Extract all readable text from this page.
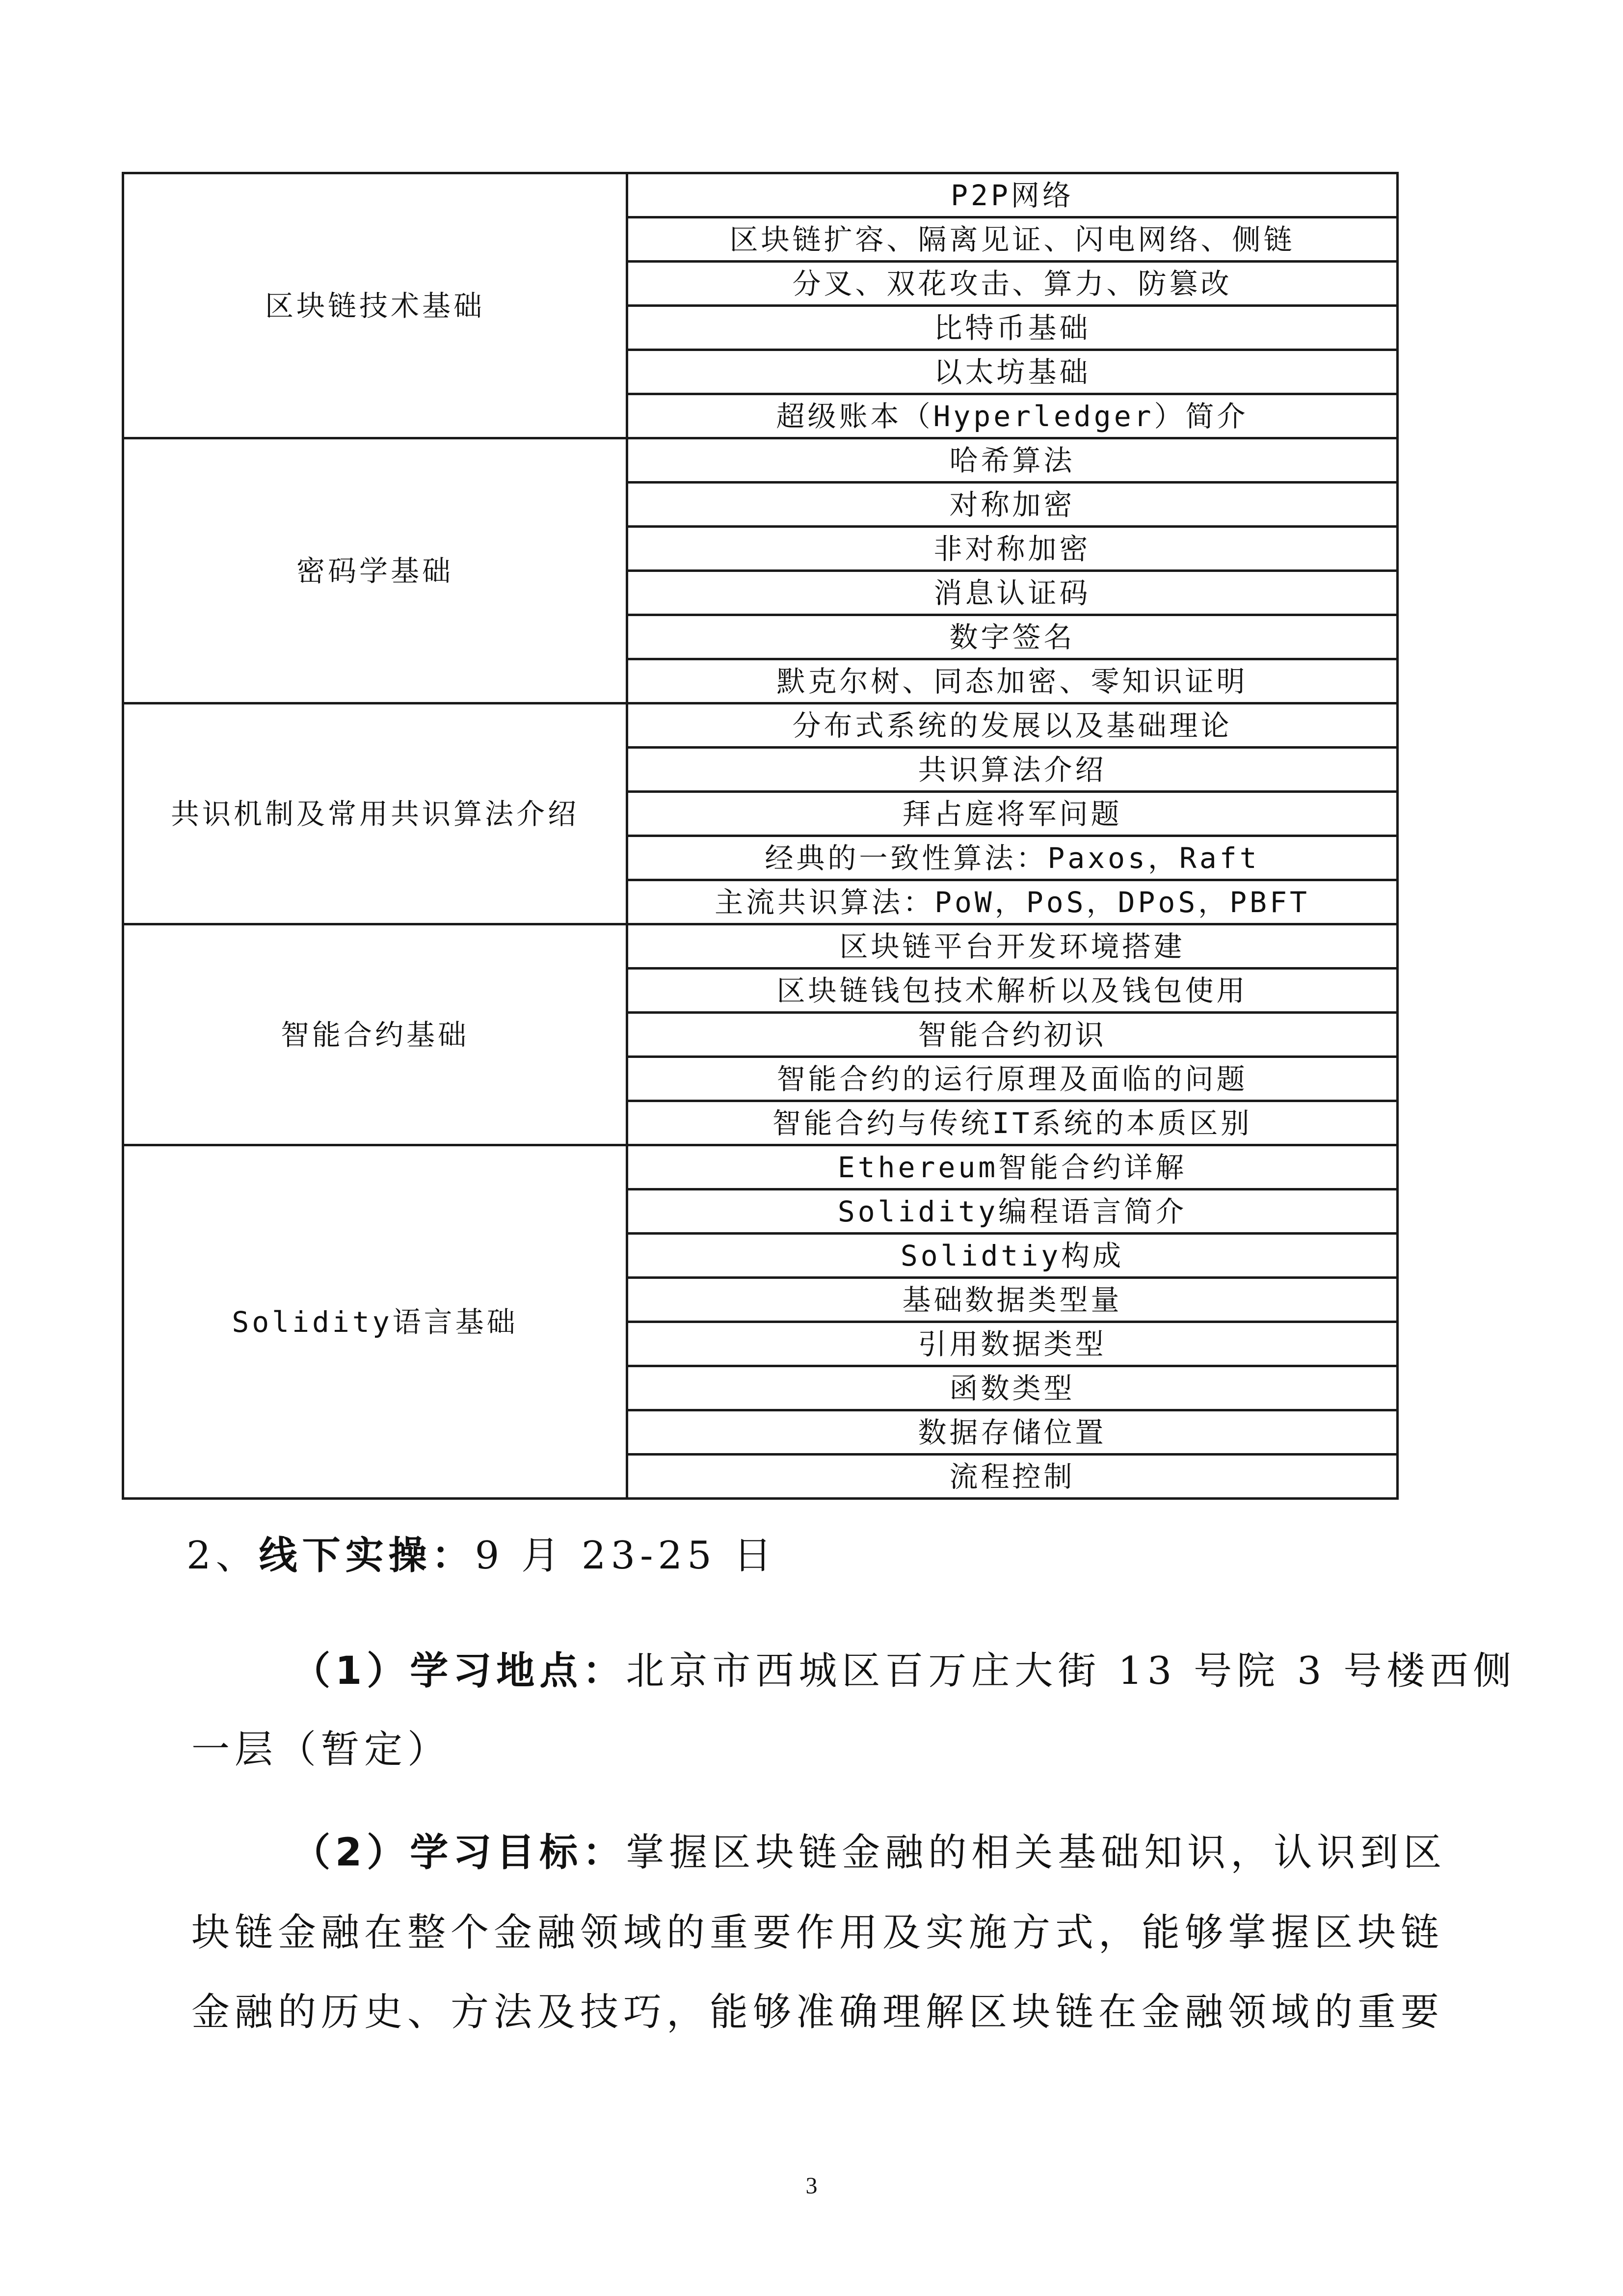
区块链技术基础	P2P网络
	区块链扩容、隔离见证、闪电网络、侧链
	分叉、双花攻击、算力、防篡改
	比特币基础
	以太坊基础
	超级账本（Hyperledger）简介
密码学基础	哈希算法
	对称加密
	非对称加密
	消息认证码
	数字签名
	默克尔树、同态加密、零知识证明
共识机制及常用共识算法介绍	分布式系统的发展以及基础理论
	共识算法介绍
	拜占庭将军问题
	经典的一致性算法：Paxos，Raft
	主流共识算法：PoW，PoS，DPoS，PBFT
智能合约基础	区块链平台开发环境搭建
	区块链钱包技术解析以及钱包使用
	智能合约初识
	智能合约的运行原理及面临的问题
	智能合约与传统IT系统的本质区别
Solidity语言基础	Ethereum智能合约详解
	Solidity编程语言简介
	Solidtiy构成
	基础数据类型量
	引用数据类型
	函数类型
	数据存储位置
	流程控制
2、线下实操：9 月 23-25 日
（1）学习地点：北京市西城区百万庄大街 13 号院 3 号楼西侧
一层（暂定）
（2）学习目标：掌握区块链金融的相关基础知识，认识到区
块链金融在整个金融领域的重要作用及实施方式，能够掌握区块链
金融的历史、方法及技巧，能够准确理解区块链在金融领域的重要
3
